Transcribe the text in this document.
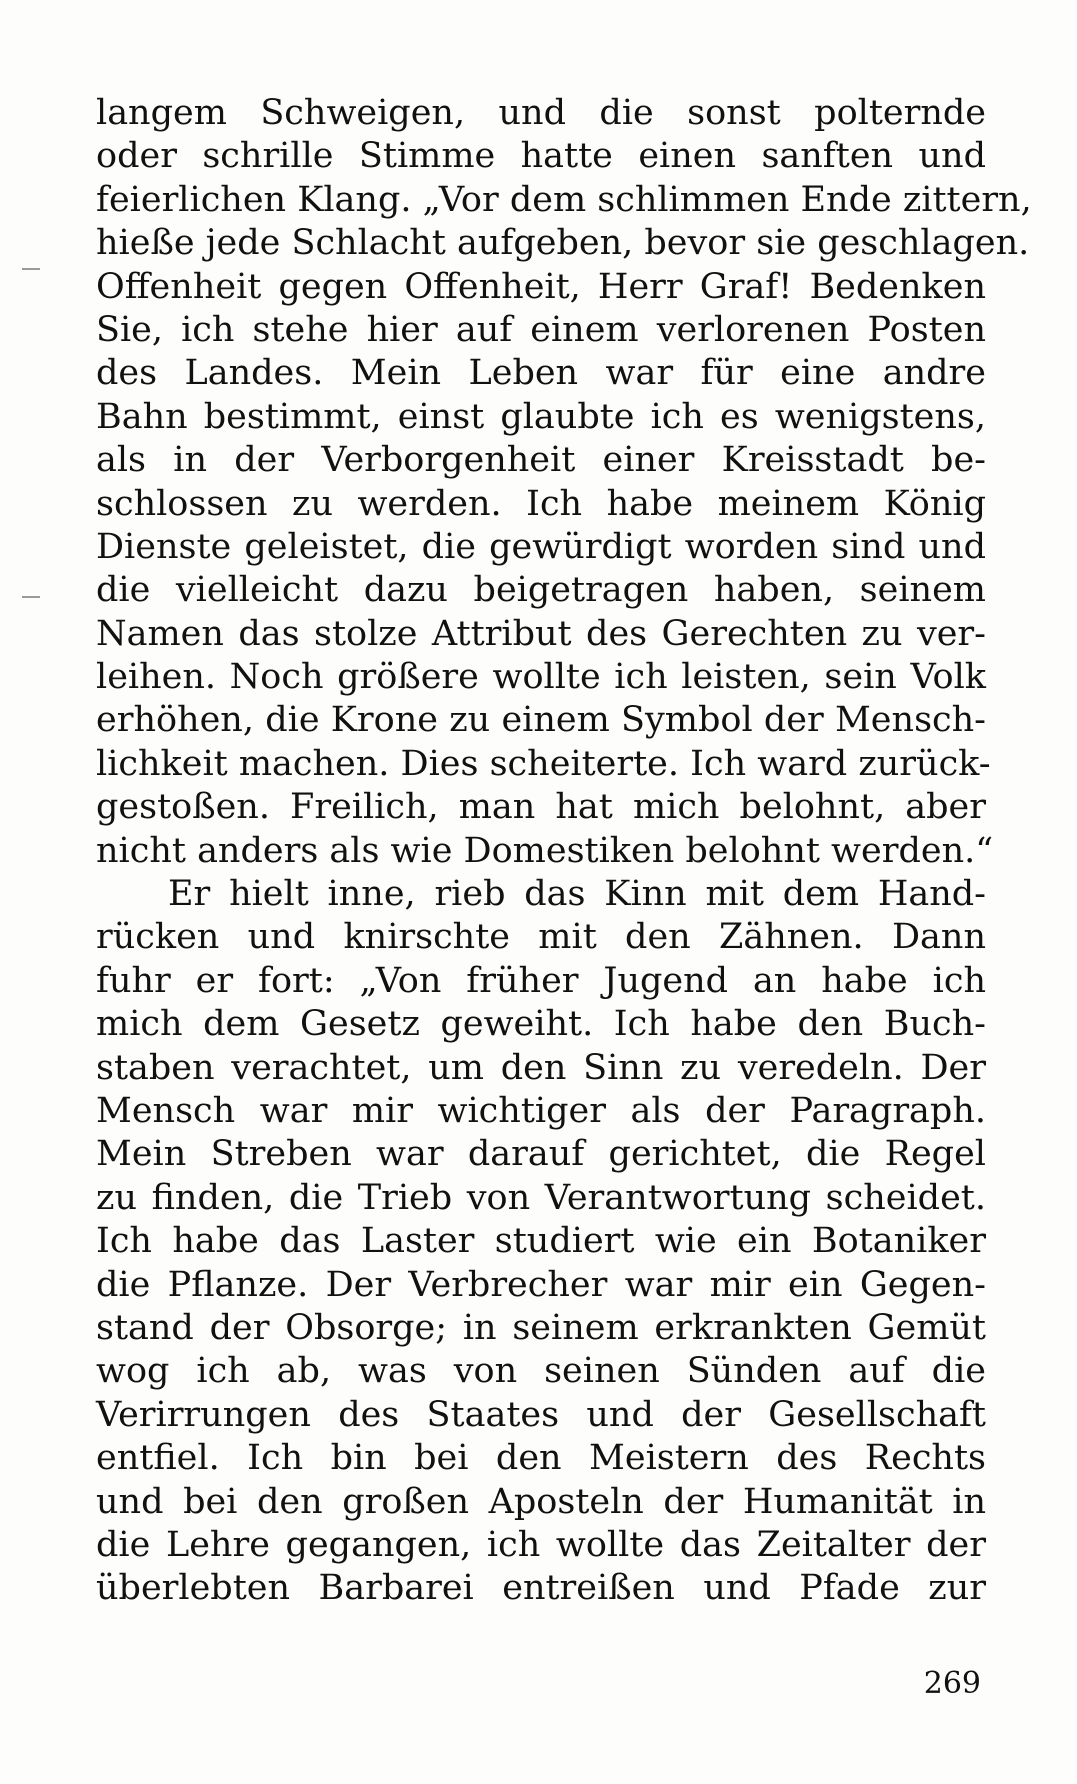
langem Schweigen, und die sonst polternde
oder schrille Stimme hatte einen sanften und
feierlichen Klang. „Vor dem schlimmen Ende zittern,
hieße jede Schlacht aufgeben, bevor sie geschlagen.
Offenheit gegen Offenheit, Herr Graf! Bedenken
Sie, ich stehe hier auf einem verlorenen Posten
des Landes. Mein Leben war für eine andre
Bahn bestimmt, einst glaubte ich es wenigstens,
als in der Verborgenheit einer Kreisstadt be-
schlossen zu werden. Ich habe meinem König
Dienste geleistet, die gewürdigt worden sind und
die vielleicht dazu beigetragen haben, seinem
Namen das stolze Attribut des Gerechten zu ver-
leihen. Noch größere wollte ich leisten, sein Volk
erhöhen, die Krone zu einem Symbol der Mensch-
lichkeit machen. Dies scheiterte. Ich ward zurück-
gestoßen. Freilich, man hat mich belohnt, aber
nicht anders als wie Domestiken belohnt werden.“
Er hielt inne, rieb das Kinn mit dem Hand-
rücken und knirschte mit den Zähnen. Dann
fuhr er fort: „Von früher Jugend an habe ich
mich dem Gesetz geweiht. Ich habe den Buch-
staben verachtet, um den Sinn zu veredeln. Der
Mensch war mir wichtiger als der Paragraph.
Mein Streben war darauf gerichtet, die Regel
zu finden, die Trieb von Verantwortung scheidet.
Ich habe das Laster studiert wie ein Botaniker
die Pflanze. Der Verbrecher war mir ein Gegen-
stand der Obsorge; in seinem erkrankten Gemüt
wog ich ab, was von seinen Sünden auf die
Verirrungen des Staates und der Gesellschaft
entfiel. Ich bin bei den Meistern des Rechts
und bei den großen Aposteln der Humanität in
die Lehre gegangen, ich wollte das Zeitalter der
überlebten Barbarei entreißen und Pfade zur
269
